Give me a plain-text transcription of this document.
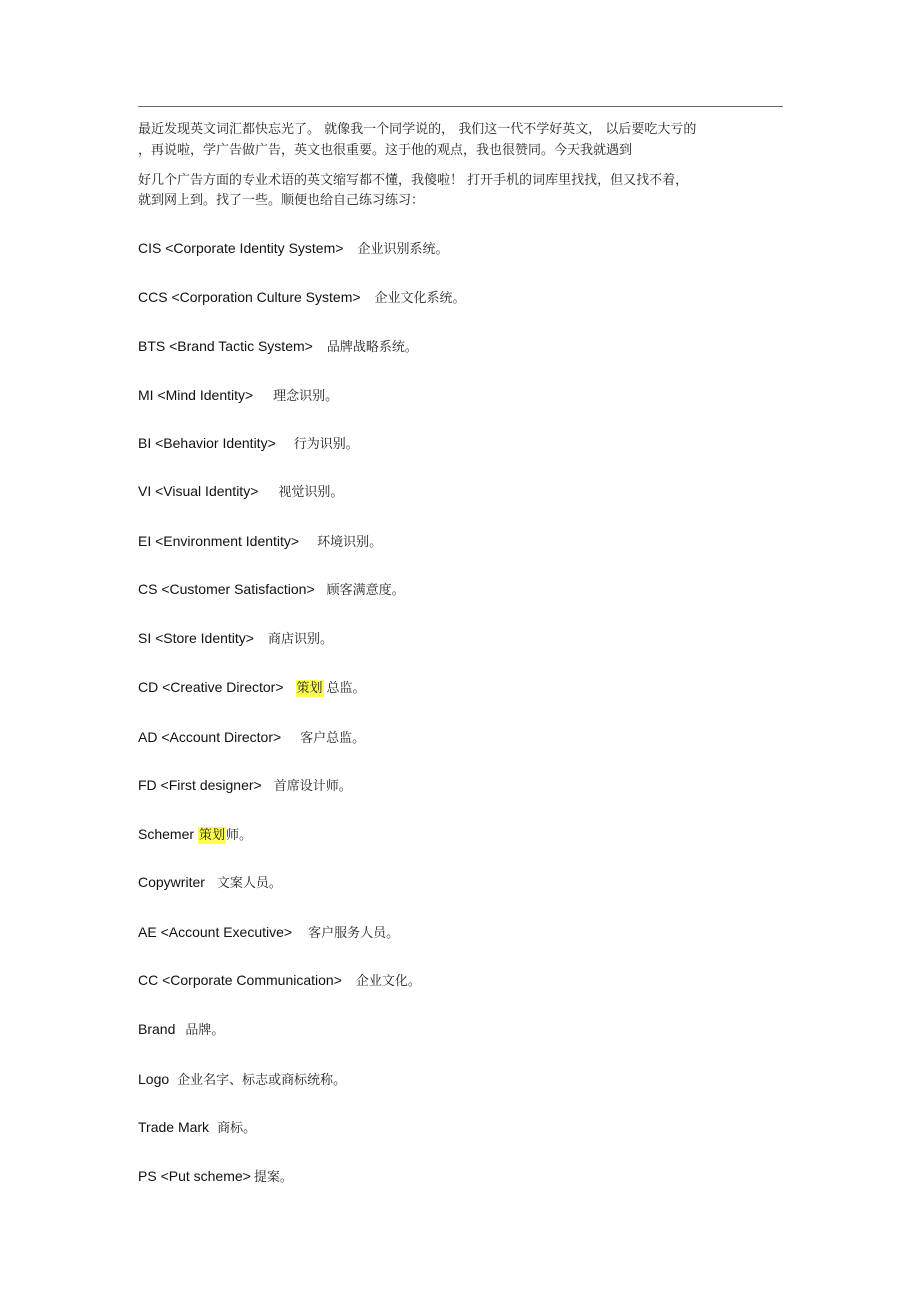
最近发现英文词汇都快忘光了。 就像我一个同学说的， 我们这一代不学好英文， 以后要吃大亏的
，再说啦，学广告做广告，英文也很重要。这于他的观点，我也很赞同。今天我就遇到
好几个广告方面的专业术语的英文缩写都不懂，我傻啦！ 打开手机的词库里找找，但又找不着，
就到网上到。找了一些。顺便也给自己练习练习：
CIS <Corporate Identity System> 企业识别系统。
CCS <Corporation Culture System> 企业文化系统。
BTS <Brand Tactic System> 品牌战略系统。
MI <Mind Identity> 理念识别。
BI <Behavior Identity> 行为识别。
VI <Visual Identity> 视觉识别。
EI <Environment Identity> 环境识别。
CS <Customer Satisfaction> 顾客满意度。
SI <Store Identity> 商店识别。
CD <Creative Director> 策划 总监。
AD <Account Director> 客户总监。
FD <First designer> 首席设计师。
Schemer 策划师。
Copywriter 文案人员。
AE <Account Executive> 客户服务人员。
CC <Corporate Communication> 企业文化。
Brand 品牌。
Logo 企业名字、标志或商标统称。
Trade Mark 商标。
PS <Put scheme> 提案。
